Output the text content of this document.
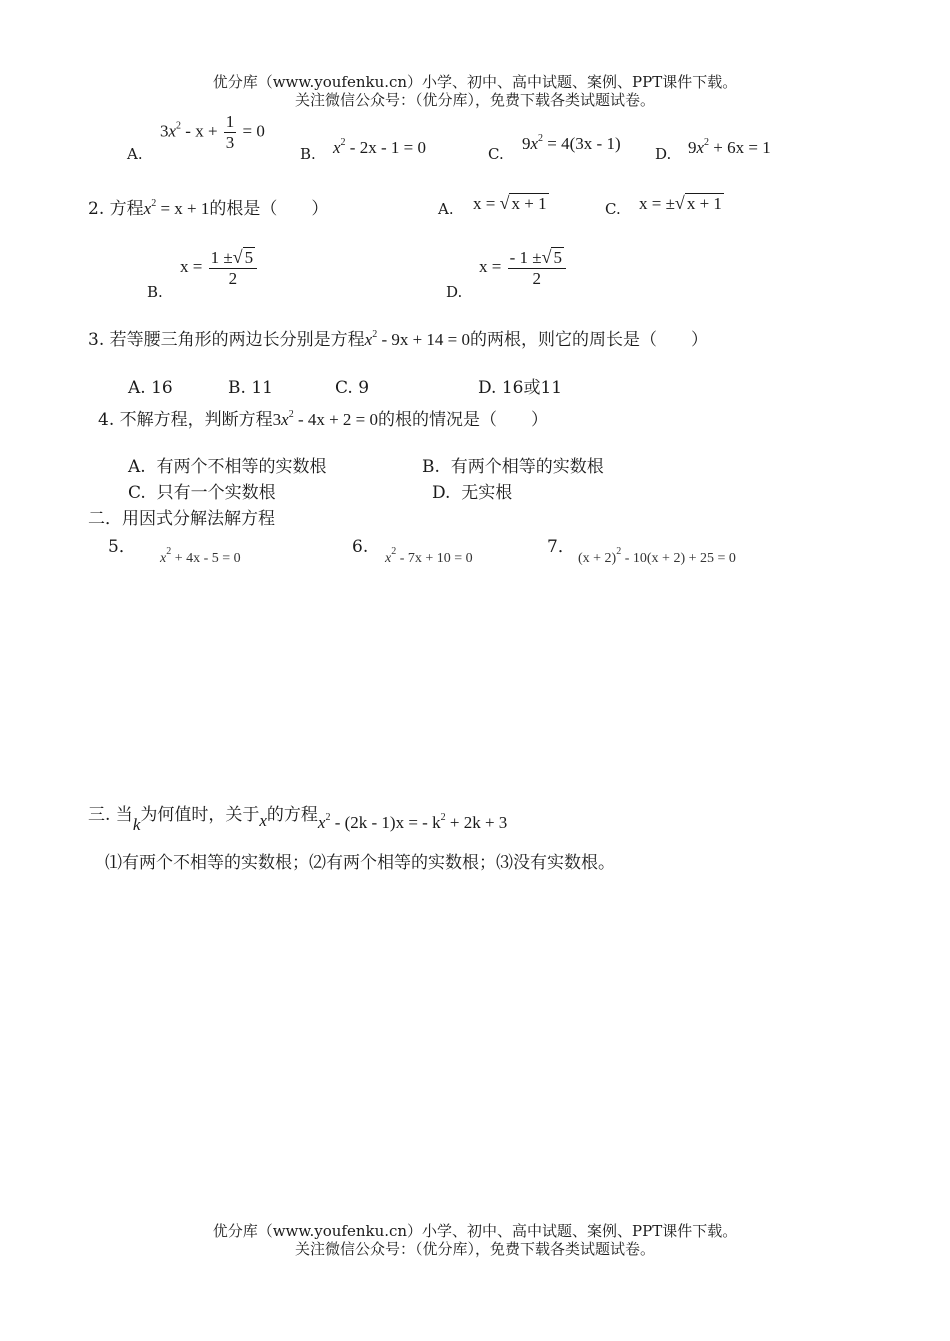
优分库（www.youfenku.cn）小学、初中、高中试题、案例、PPT课件下载。
关注微信公众号：（优分库），免费下载各类试题试卷。
A.
$3x^2 - x + \frac{1}{3} = 0$
B. $x^2 - 2x - 1 = 0$	C.
$9x^2 = 4(3x - 1)$
D. $9x^2 + 6x = 1$
2. 方程$x^2 = x + 1$的根是（　　）	A. x = √ x + 1	C. x = ±√ x + 1
B.
$x = \frac{1 \pm√ 5}{2}$
D.
$x = \frac{- 1 \pm√ 5}{2}$
3. 若等腰三角形的两边长分别是方程$x^2 - 9x + 14 = 0$的两根，则它的周长是（　　）
A. 16	B. 11	C. 9	D. 16或11
4. 不解方程，判断方程$3x^2 - 4x + 2 = 0$的根的情况是（　　）
A. 有两个不相等的实数根	B. 有两个相等的实数根
C. 只有一个实数根	D. 无实根
二．用因式分解法解方程
5．
$x^2 + 4x - 5 = 0$
6.
$x^2 - 7x + 10 = 0$
7．
$(x + 2)^2 - 10(x + 2) + 25 = 0$
三. 当k为何值时，关于x的方程$x^2 - (2k - 1)x$ = - $k^2 + 2k + 3$
⑴有两个不相等的实数根；⑵有两个相等的实数根；⑶没有实数根。
优分库（www.youfenku.cn）小学、初中、高中试题、案例、PPT课件下载。
关注微信公众号：（优分库），免费下载各类试题试卷。
